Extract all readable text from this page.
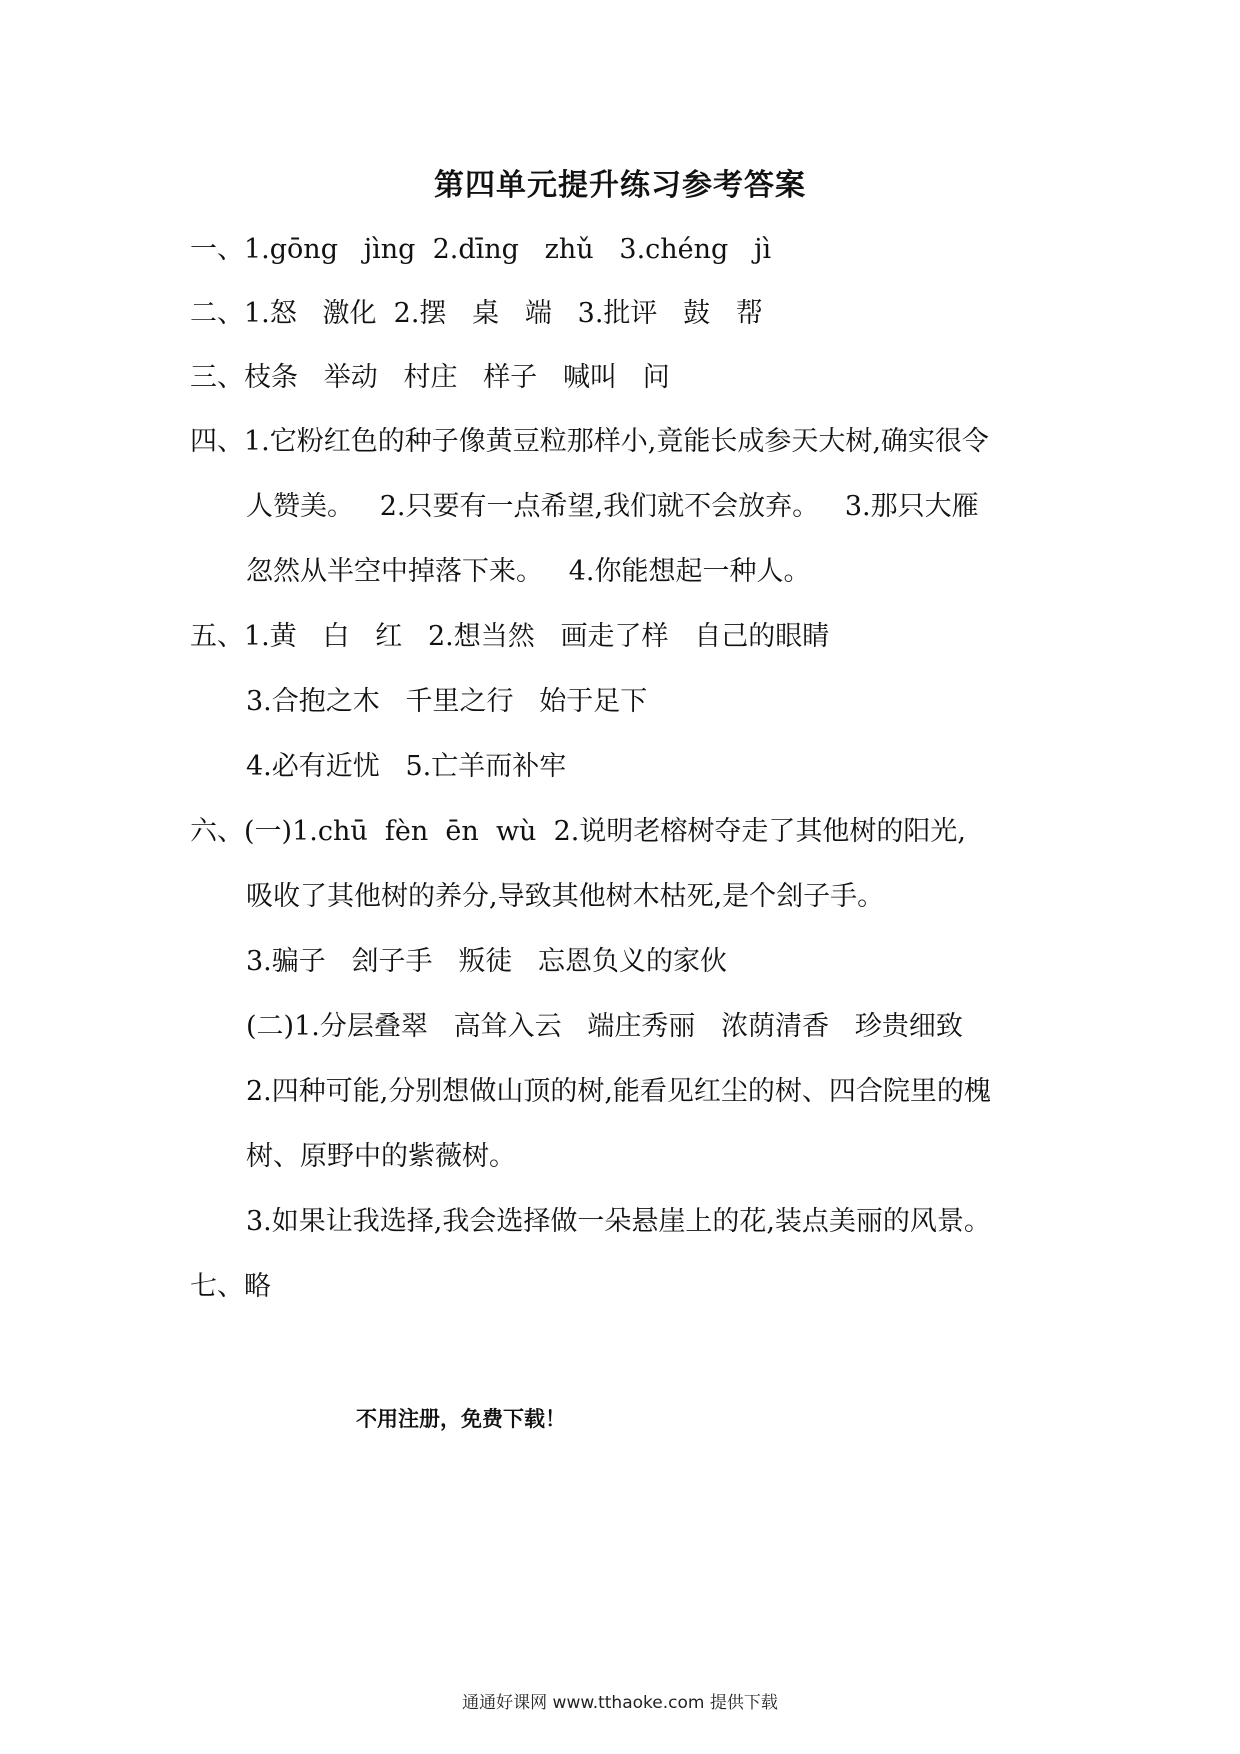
第四单元提升练习参考答案
一、1.gōng   jìng  2.dīng   zhǔ   3.chéng   jì
二、1.怒   激化  2.摆   桌   端   3.批评   鼓   帮
三、枝条   举动   村庄   样子   喊叫   问
四、1.它粉红色的种子像黄豆粒那样小,竟能长成参天大树,确实很令
人赞美。   2.只要有一点希望,我们就不会放弃。   3.那只大雁
忽然从半空中掉落下来。   4.你能想起一种人。
五、1.黄   白   红   2.想当然   画走了样   自己的眼睛
3.合抱之木   千里之行   始于足下
4.必有近忧   5.亡羊而补牢
六、(一)1.chū  fèn  ēn  wù  2.说明老榕树夺走了其他树的阳光,
吸收了其他树的养分,导致其他树木枯死,是个刽子手。
3.骗子   刽子手   叛徒   忘恩负义的家伙
(二)1.分层叠翠   高耸入云   端庄秀丽   浓荫清香   珍贵细致
2.四种可能,分别想做山顶的树,能看见红尘的树、四合院里的槐
树、原野中的紫薇树。
3.如果让我选择,我会选择做一朵悬崖上的花,装点美丽的风景。
七、略
不用注册，免费下载！
通通好课网 www.tthaoke.com 提供下载
